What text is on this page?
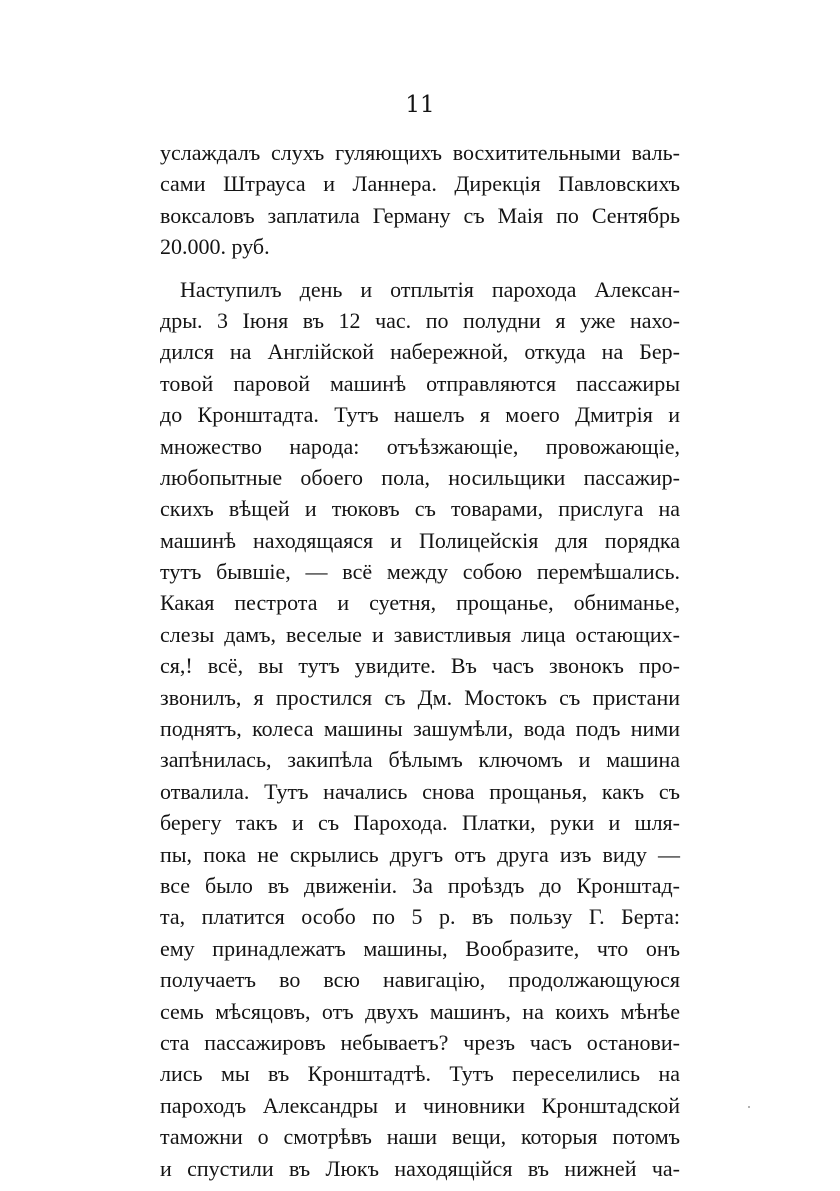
11
услаждалъ слухъ гуляющихъ восхитительными валь-
сами Штрауса и Ланнера. Дирекція Павловскихъ
воксаловъ заплатила Герману съ Маія по Сентябрь
20.000. руб.
Наступилъ день и отплытія парохода Алексан-
дры. 3 Іюня въ 12 час. по полудни я уже нахо-
дился на Англійской набережной, откуда на Бер-
товой паровой машинѣ отправляются пассажиры
до Кронштадта. Тутъ нашелъ я моего Дмитрія и
множество народа: отъѣзжающіе, провожающіе,
любопытные обоего пола, носильщики пассажир-
скихъ вѣщей и тюковъ съ товарами, прислуга на
машинѣ находящаяся и Полицейскія для порядка
тутъ бывшіе, — всё между собою перемѣшались.
Какая пестрота и суетня, прощанье, обниманье,
слезы дамъ, веселые и завистливыя лица остающих-
ся,! всё, вы тутъ увидите. Въ часъ звонокъ про-
звонилъ, я простился съ Дм. Мостокъ съ пристани
поднятъ, колеса машины зашумѣли, вода подъ ними
запѣнилась, закипѣла бѣлымъ ключомъ и машина
отвалила. Тутъ начались снова прощанья, какъ съ
берегу такъ и съ Парохода. Платки, руки и шля-
пы, пока не скрылись другъ отъ друга изъ виду —
все было въ движеніи. За проѣздъ до Кронштад-
та, платится особо по 5 р. въ пользу Г. Берта:
ему принадлежатъ машины, Вообразите, что онъ
получаетъ во всю навигацію, продолжающуюся
семь мѣсяцовъ, отъ двухъ машинъ, на коихъ мѣнѣе
ста пассажировъ небываетъ? чрезъ часъ останови-
лись мы въ Кронштадтѣ. Тутъ переселились на
пароходъ Александры и чиновники Кронштадской
таможни о смотрѣвъ наши вещи, которыя потомъ
и спустили въ Люкъ находящійся въ нижней ча-
